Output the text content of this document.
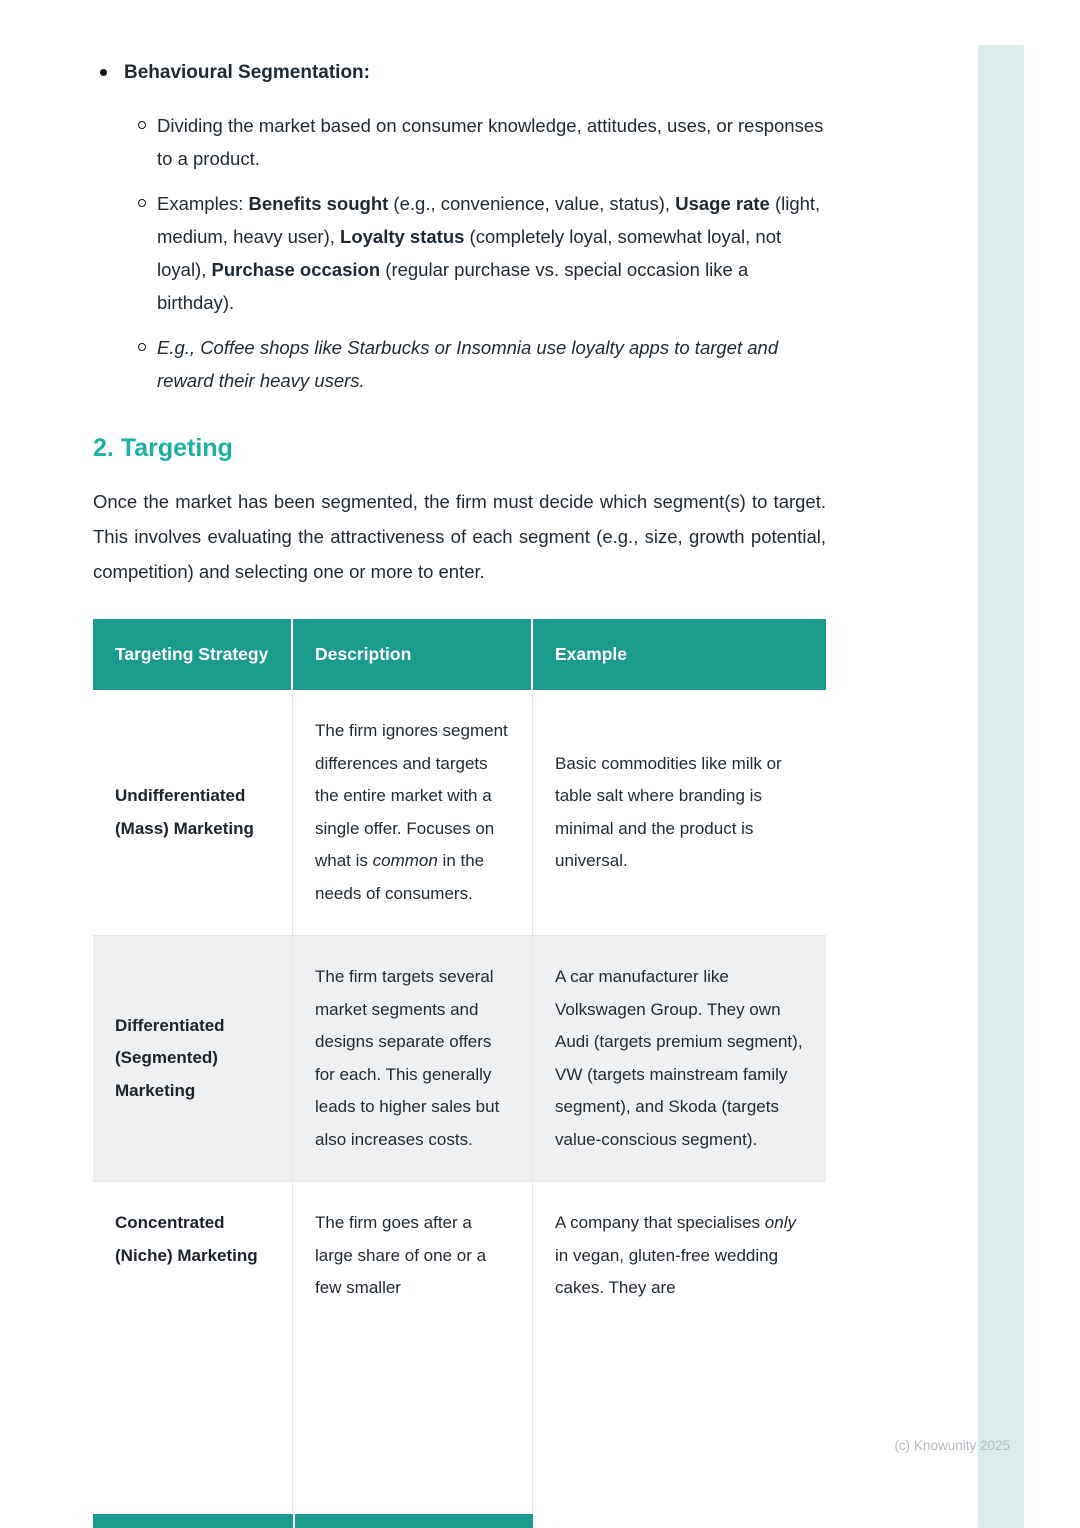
Behavioural Segmentation:
Dividing the market based on consumer knowledge, attitudes, uses, or responses to a product.
Examples: Benefits sought (e.g., convenience, value, status), Usage rate (light, medium, heavy user), Loyalty status (completely loyal, somewhat loyal, not loyal), Purchase occasion (regular purchase vs. special occasion like a birthday).
E.g., Coffee shops like Starbucks or Insomnia use loyalty apps to target and reward their heavy users.
2. Targeting

Once the market has been segmented, the firm must decide which segment(s) to target. This involves evaluating the attractiveness of each segment (e.g., size, growth potential, competition) and selecting one or more to enter.

Targeting Strategy	Description	Example
Undifferentiated (Mass) Marketing	The firm ignores segment differences and targets the entire market with a single offer. Focuses on what is common in the needs of consumers.	Basic commodities like milk or table salt where branding is minimal and the product is universal.
Differentiated (Segmented) Marketing	The firm targets several market segments and designs separate offers for each. This generally leads to higher sales but also increases costs.	A car manufacturer like Volkswagen Group. They own Audi (targets premium segment), VW (targets mainstream family segment), and Skoda (targets value-conscious segment).
Concentrated (Niche) Marketing	The firm goes after a large share of one or a few smaller	A company that specialises only in vegan, gluten-free wedding cakes. They are
(c) Knowunity 2025
